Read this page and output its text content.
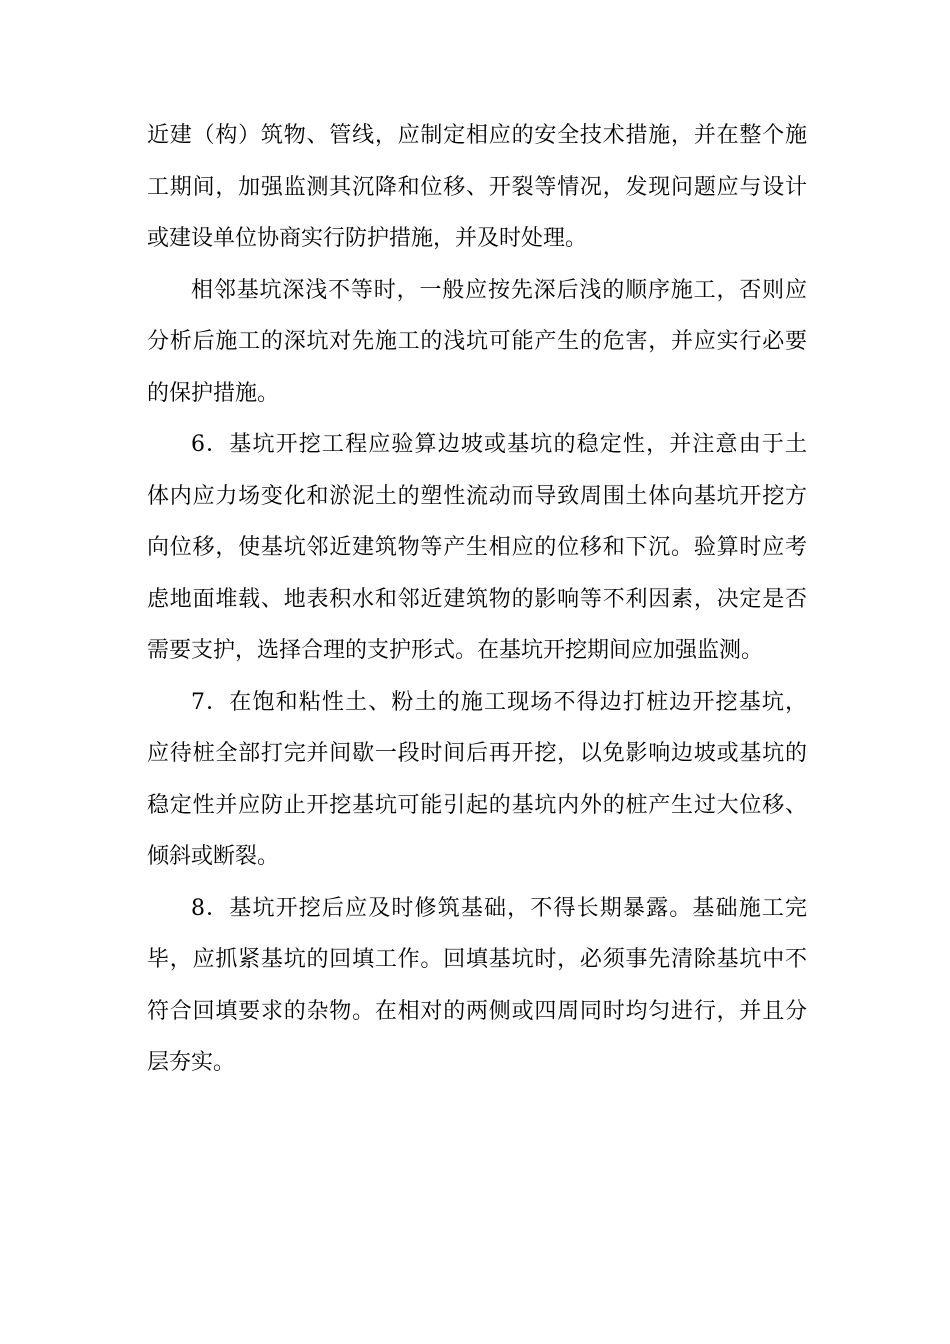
近建（构）筑物、管线，应制定相应的安全技术措施，并在整个施
工期间，加强监测其沉降和位移、开裂等情况，发现问题应与设计
或建设单位协商实行防护措施，并及时处理。
相邻基坑深浅不等时，一般应按先深后浅的顺序施工，否则应
分析后施工的深坑对先施工的浅坑可能产生的危害，并应实行必要
的保护措施。
6．基坑开挖工程应验算边坡或基坑的稳定性，并注意由于土
体内应力场变化和淤泥土的塑性流动而导致周围土体向基坑开挖方
向位移，使基坑邻近建筑物等产生相应的位移和下沉。验算时应考
虑地面堆载、地表积水和邻近建筑物的影响等不利因素，决定是否
需要支护，选择合理的支护形式。在基坑开挖期间应加强监测。
7．在饱和粘性土、粉土的施工现场不得边打桩边开挖基坑，
应待桩全部打完并间歇一段时间后再开挖，以免影响边坡或基坑的
稳定性并应防止开挖基坑可能引起的基坑内外的桩产生过大位移、
倾斜或断裂。
8．基坑开挖后应及时修筑基础，不得长期暴露。基础施工完
毕，应抓紧基坑的回填工作。回填基坑时，必须事先清除基坑中不
符合回填要求的杂物。在相对的两侧或四周同时均匀进行，并且分
层夯实。
